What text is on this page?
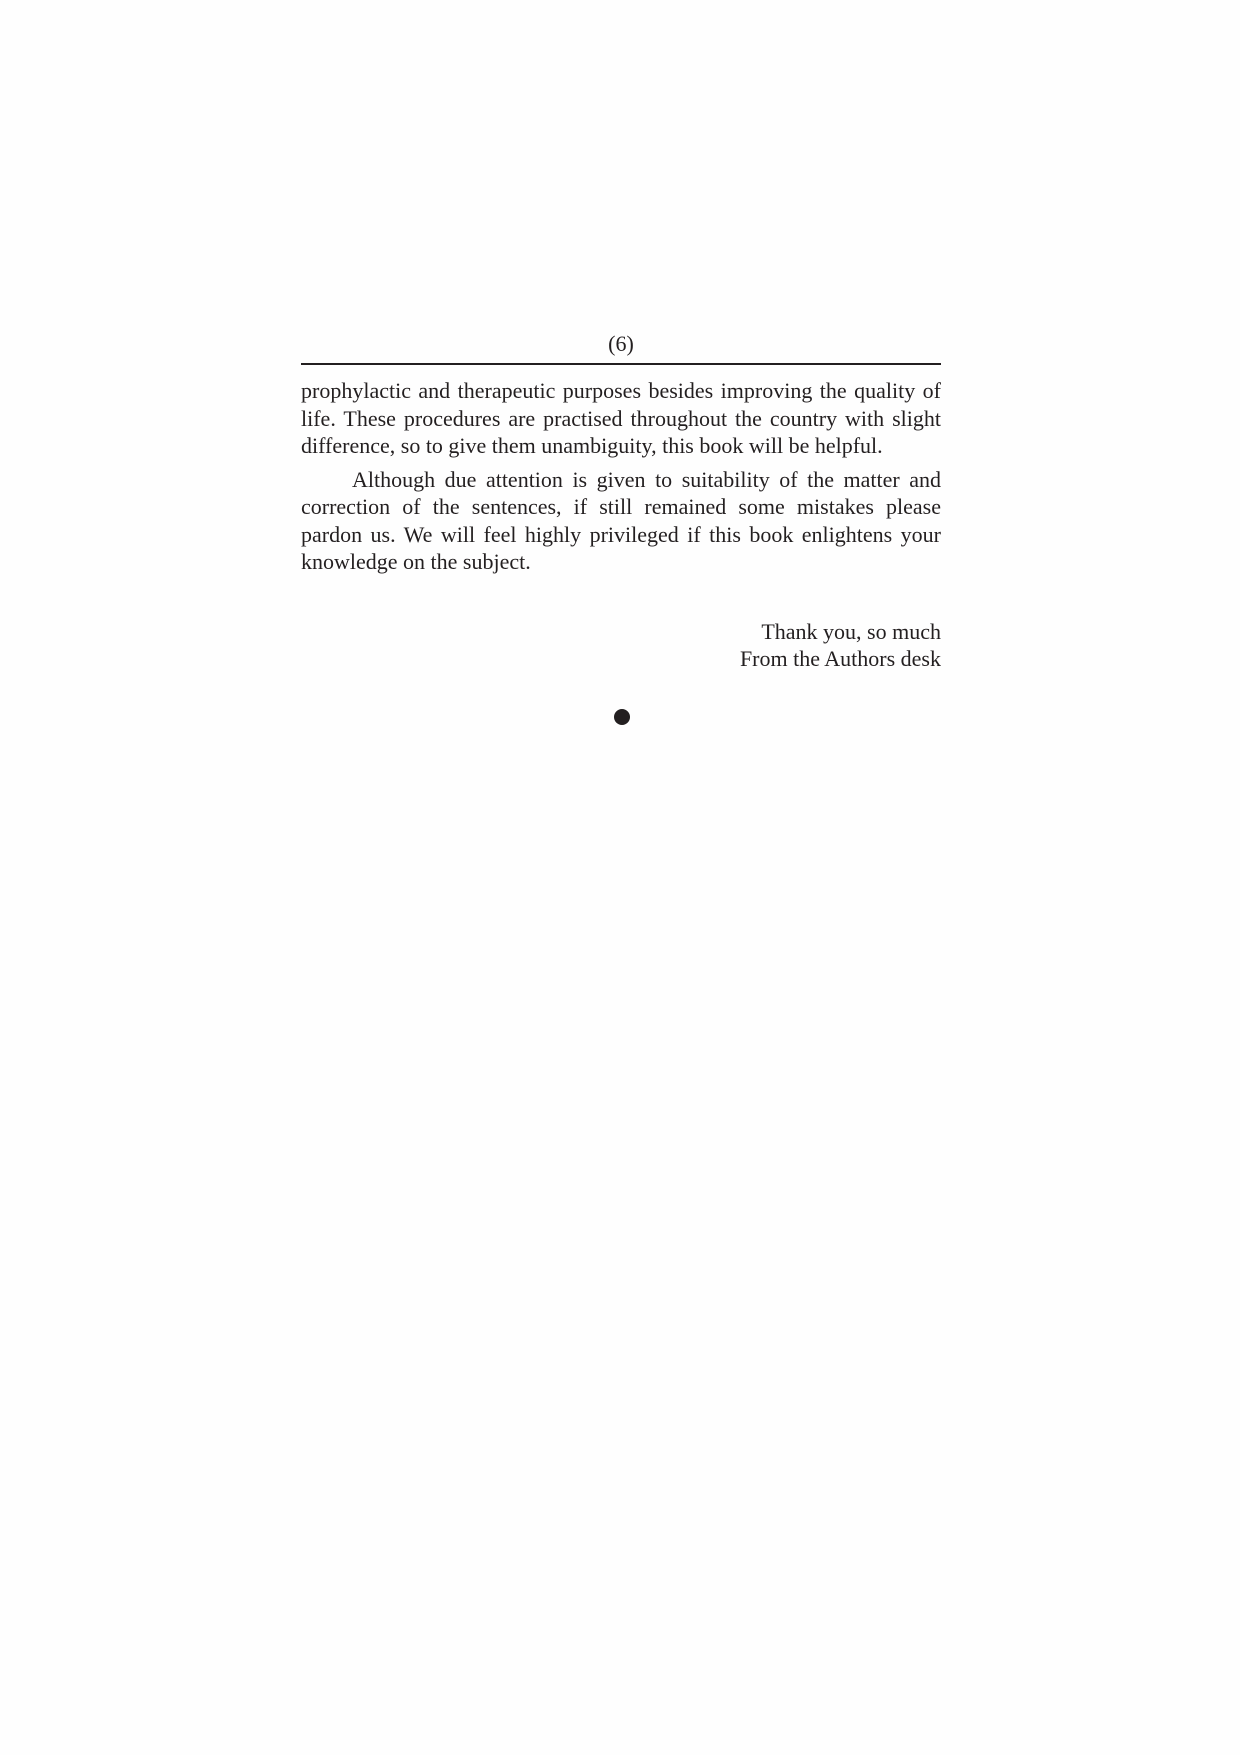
(6)

prophylactic and therapeutic purposes besides improving the quality of life. These procedures are practised throughout the country with slight difference, so to give them unambiguity, this book will be helpful.

Although due attention is given to suitability of the matter and correction of the sentences, if still remained some mistakes please pardon us. We will feel highly privileged if this book enlightens your knowledge on the subject.

Thank you, so much
From the Authors desk
